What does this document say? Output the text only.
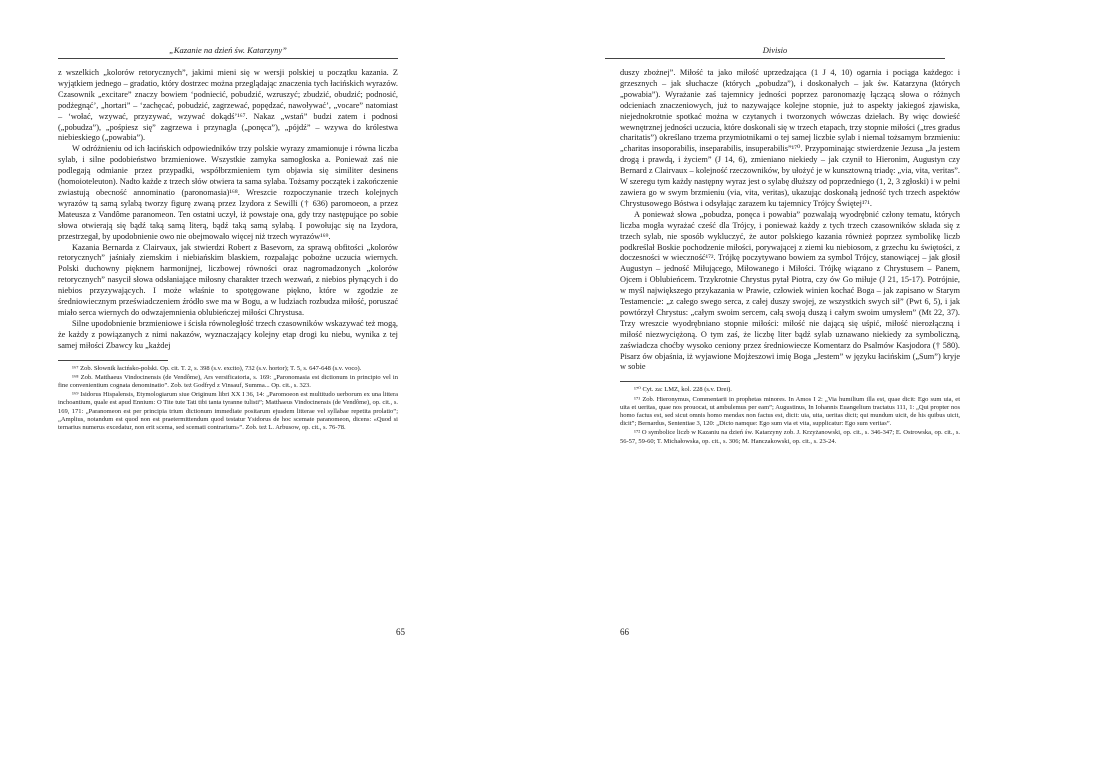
„Kazanie na dzień św. Katarzyny”

z wszelkich „kolorów retorycznych”, jakimi mieni się w wersji polskiej u początku kazania. Z wyjątkiem jednego – gradatio, który dostrzec można przeglądając znaczenia tych łacińskich wyrazów. Czasownik „excitare” znaczy bowiem ‘podniecić, pobudzić, wzruszyć; zbudzić, obudzić; podnosić, podżegnąć’, „hortari” – ‘zachęcać, pobudzić, zagrzewać, popędzać, nawoływać’, „vocare” natomiast – ‘wołać, wzywać, przyzywać, wzywać dokądś’¹⁶⁷. Nakaz „wstań” budzi zatem i podnosi („pobudza”), „pośpiesz się” zagrzewa i przynagla („ponęca”), „pójdź” – wzywa do królestwa niebieskiego („powabia”).

W odróżnieniu od ich łacińskich odpowiedników trzy polskie wyrazy zmamionuje i równa liczba sylab, i silne podobieństwo brzmieniowe. Wszystkie zamyka samogłoska a. Ponieważ zaś nie podlegają odmianie przez przypadki, współbrzmieniem tym objawia się similiter desinens (homoioteleuton). Nadto każde z trzech słów otwiera ta sama sylaba. Tożsamy początek i zakończenie zwiastują obecność annominatio (paronomasia)¹⁶⁸. Wreszcie rozpoczynanie trzech kolejnych wyrazów tą samą sylabą tworzy figurę zwaną przez Izydora z Sewilli († 636) paromoeon, a przez Mateusza z Vandôme paranomeon. Ten ostatni uczył, iż powstaje ona, gdy trzy następujące po sobie słowa otwierają się bądź taką samą literą, bądź taką samą sylabą. I powołując się na Izydora, przestrzegał, by upodobnienie owo nie obejmowało więcej niż trzech wyrazów¹⁶⁹.

Kazania Bernarda z Clairvaux, jak stwierdzi Robert z Basevorn, za sprawą obfitości „kolorów retorycznych” jaśniały ziemskim i niebiańskim blaskiem, rozpalając pobożne uczucia wiernych. Polski duchowny pięknem harmonijnej, liczbowej równości oraz nagromadzonych „kolorów retorycznych” nasycił słowa odsłaniające miłosny charakter trzech wezwań, z niebios płynących i do niebios przyzywających. I może właśnie to spotęgowane piękno, które w zgodzie ze średniowiecznym przeświadczeniem źródło swe ma w Bogu, a w ludziach rozbudza miłość, poruszać miało serca wiernych do odwzajemnienia oblubieńczej miłości Chrystusa.

Silne upodobnienie brzmieniowe i ścisła równoległość trzech czasowników wskazywać też mogą, że każdy z powiązanych z nimi nakazów, wyznaczający kolejny etap drogi ku niebu, wynika z tej samej miłości Zbawcy ku „każdej

¹⁶⁷ Zob. Słownik łacińsko-polski. Op. cit. T. 2, s. 398 (s.v. excito), 732 (s.v. hortor); T. 5, s. 647-648 (s.v. voco).

¹⁶⁸ Zob. Matthaeus Vindocinensis (de Vendôme), Ars versificatoria, s. 169: „Paronomasia est dictionum in principio vel in fine convenientium cognata denominatio”. Zob. też Godfryd z Vinsauf, Summa... Op. cit., s. 323.

¹⁶⁹ Isidorus Hispalensis, Etymologiarum siue Originum libri XX I 36, 14: „Paromoeon est multitudo uerborum ex una littera inchoantium, quale est apud Ennium: O Tite tute Tati tibi tanta tyranne tulisti”; Matthaeus Vindocinensis (de Vendôme), op. cit., s. 169, 171: „Paranomeon est per principia trium dictionum immediate positarum ejusdem litterae vel syllabae repetita prolatio”; „Amplius, notandum est quod non est praetermittendum quod testatur Ysidorus de hoc scemate paranomeon, dicens: «Quod si ternarius numerus excedatur, non erit scema, sed scemati contrarium»”. Zob. też L. Arbusow, op. cit., s. 76-78.

65
Divisio

duszy zbożnej”. Miłość ta jako miłość uprzedzająca (1 J 4, 10) ogarnia i pociąga każdego: i grzesznych – jak słuchacze (których „pobudza”), i doskonałych – jak św. Katarzyna (których „powabia”). Wyrażanie zaś tajemnicy jedności poprzez paronomazję łączącą słowa o różnych odcieniach znaczeniowych, już to nazywające kolejne stopnie, już to aspekty jakiegoś zjawiska, niejednokrotnie spotkać można w czytanych i tworzonych wówczas dziełach. By więc dowieść wewnętrznej jedności uczucia, które doskonali się w trzech etapach, trzy stopnie miłości („tres gradus charitatis”) określano trzema przymiotnikami o tej samej liczbie sylab i niemal tożsamym brzmieniu: „charitas insoporabilis, inseparabilis, insuperabilis”¹⁷⁰. Przypominając stwierdzenie Jezusa „Ja jestem drogą i prawdą, i życiem” (J 14, 6), zmieniano niekiedy – jak czynił to Hieronim, Augustyn czy Bernard z Clairvaux – kolejność rzeczowników, by ułożyć je w kunsztowną triadę: „via, vita, veritas”. W szeregu tym każdy następny wyraz jest o sylabę dłuższy od poprzedniego (1, 2, 3 zgłoski) i w pełni zawiera go w swym brzmieniu (via, vita, veritas), ukazując doskonałą jedność tych trzech aspektów Chrystusowego Bóstwa i odsyłając zarazem ku tajemnicy Trójcy Świętej¹⁷¹.

A ponieważ słowa „pobudza, ponęca i powabia” pozwalają wyodrębnić człony tematu, których liczba mogła wyrażać cześć dla Trójcy, i ponieważ każdy z tych trzech czasowników składa się z trzech sylab, nie sposób wykluczyć, że autor polskiego kazania również poprzez symbolikę liczb podkreślał Boskie pochodzenie miłości, porywającej z ziemi ku niebiosom, z grzechu ku świętości, z doczesności w wieczność¹⁷². Trójkę poczytywano bowiem za symbol Trójcy, stanowiącej – jak głosił Augustyn – jedność Miłującego, Miłowanego i Miłości. Trójkę wiązano z Chrystusem – Panem, Ojcem i Oblubieńcem. Trzykrotnie Chrystus pytał Piotra, czy ów Go miłuje (J 21, 15-17). Potrójnie, w myśl największego przykazania w Prawie, człowiek winien kochać Boga – jak zapisano w Starym Testamencie: „z całego swego serca, z całej duszy swojej, ze wszystkich swych sił” (Pwt 6, 5), i jak powtórzył Chrystus: „całym swoim sercem, całą swoją duszą i całym swoim umysłem” (Mt 22, 37). Trzy wreszcie wyodrębniano stopnie miłości: miłość nie dającą się uśpić, miłość nierozłączną i miłość niezwyciężoną. O tym zaś, że liczbę liter bądź sylab uznawano niekiedy za symboliczną, zaświadcza choćby wysoko ceniony przez średniowiecze Komentarz do Psalmów Kasjodora († 580). Pisarz ów objaśnia, iż wyjawione Mojżeszowi imię Boga „Jestem” w języku łacińskim („Sum”) kryje w sobie

¹⁷⁰ Cyt. za: LMZ, kol. 228 (s.v. Drei).

¹⁷¹ Zob. Hieronymus, Commentarii in prophetas minores. In Amos I 2: „Via humilium illa est, quae dicit: Ego sum uia, et uita et ueritas, quae nos prouocat, ut ambulemus per eam”; Augustinus, In Iohannis Euangelium tractatus 111, 1: „Qui propter nos homo factus est, sed sicut omnis homo mendax non factus est, dicit: uia, uita, ueritas dicit; qui mundum uicit, de his quibus uicit, dicit”; Bernardus, Sententiae 3, 120: „Dicto namque: Ego sum via et vita, supplicatur: Ego sum veritas”.

¹⁷² O symbolice liczb w Kazaniu na dzień św. Katarzyny zob. J. Krzyżanowski, op. cit., s. 346-347; E. Ostrowska, op. cit., s. 56-57, 59-60; T. Michałowska, op. cit., s. 306; M. Hanczakowski, op. cit., s. 23-24.

66
